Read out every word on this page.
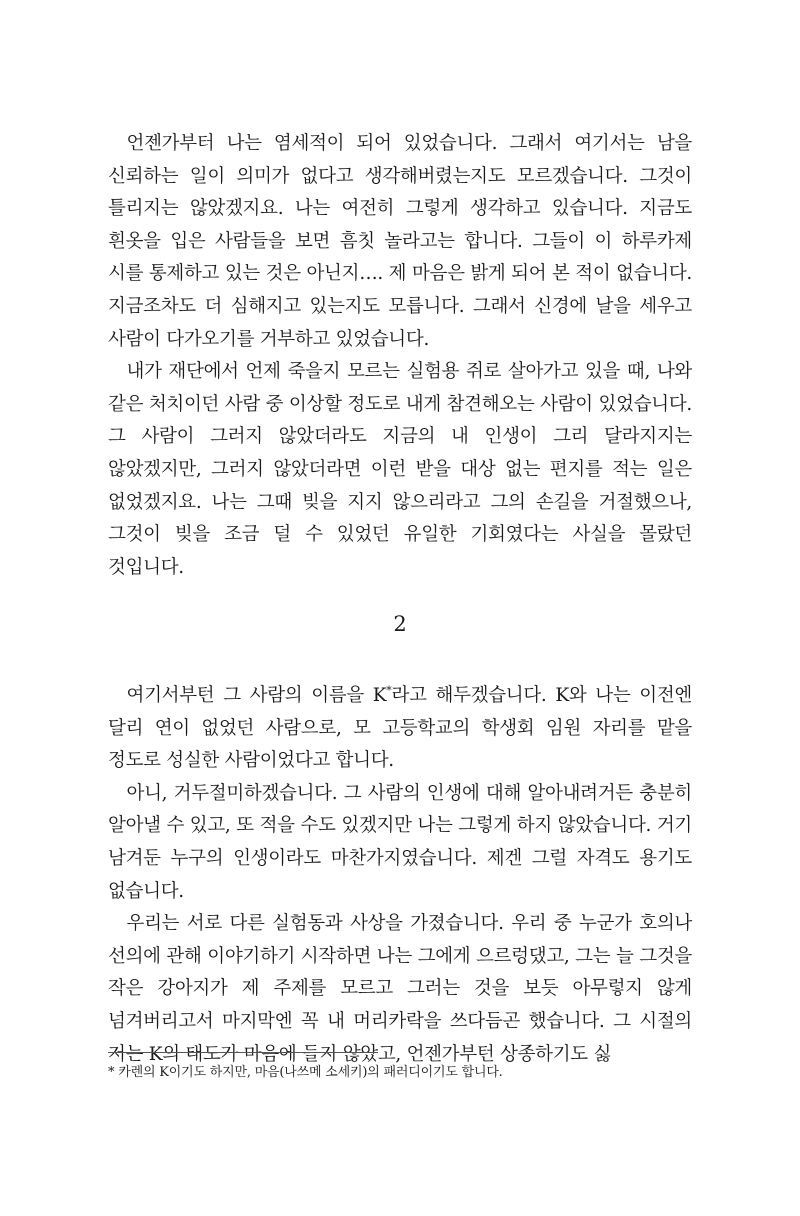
언젠가부터 나는 염세적이 되어 있었습니다. 그래서 여기서는 남을 신뢰하는 일이 의미가 없다고 생각해버렸는지도 모르겠습니다. 그것이 틀리지는 않았겠지요. 나는 여전히 그렇게 생각하고 있습니다. 지금도 흰옷을 입은 사람들을 보면 흠칫 놀라고는 합니다. 그들이 이 하루카제 시를 통제하고 있는 것은 아닌지…. 제 마음은 밝게 되어 본 적이 없습니다. 지금조차도 더 심해지고 있는지도 모릅니다. 그래서 신경에 날을 세우고 사람이 다가오기를 거부하고 있었습니다.

내가 재단에서 언제 죽을지 모르는 실험용 쥐로 살아가고 있을 때, 나와 같은 처치이던 사람 중 이상할 정도로 내게 참견해오는 사람이 있었습니다. 그 사람이 그러지 않았더라도 지금의 내 인생이 그리 달라지지는 않았겠지만, 그러지 않았더라면 이런 받을 대상 없는 편지를 적는 일은 없었겠지요. 나는 그때 빚을 지지 않으리라고 그의 손길을 거절했으나, 그것이 빚을 조금 덜 수 있었던 유일한 기회였다는 사실을 몰랐던 것입니다.

2

여기서부턴 그 사람의 이름을 K*라고 해두겠습니다. K와 나는 이전엔 달리 연이 없었던 사람으로, 모 고등학교의 학생회 임원 자리를 맡을 정도로 성실한 사람이었다고 합니다.

아니, 거두절미하겠습니다. 그 사람의 인생에 대해 알아내려거든 충분히 알아낼 수 있고, 또 적을 수도 있겠지만 나는 그렇게 하지 않았습니다. 거기 남겨둔 누구의 인생이라도 마찬가지였습니다. 제겐 그럴 자격도 용기도 없습니다.

우리는 서로 다른 실험동과 사상을 가졌습니다. 우리 중 누군가 호의나 선의에 관해 이야기하기 시작하면 나는 그에게 으르렁댔고, 그는 늘 그것을 작은 강아지가 제 주제를 모르고 그러는 것을 보듯 아무렇지 않게 넘겨버리고서 마지막엔 꼭 내 머리카락을 쓰다듬곤 했습니다. 그 시절의 저는 K의 태도가 마음에 들지 않았고, 언젠가부턴 상종하기도 싫

* 카렌의 K이기도 하지만, 마음(나쓰메 소세키)의 패러디이기도 합니다.
